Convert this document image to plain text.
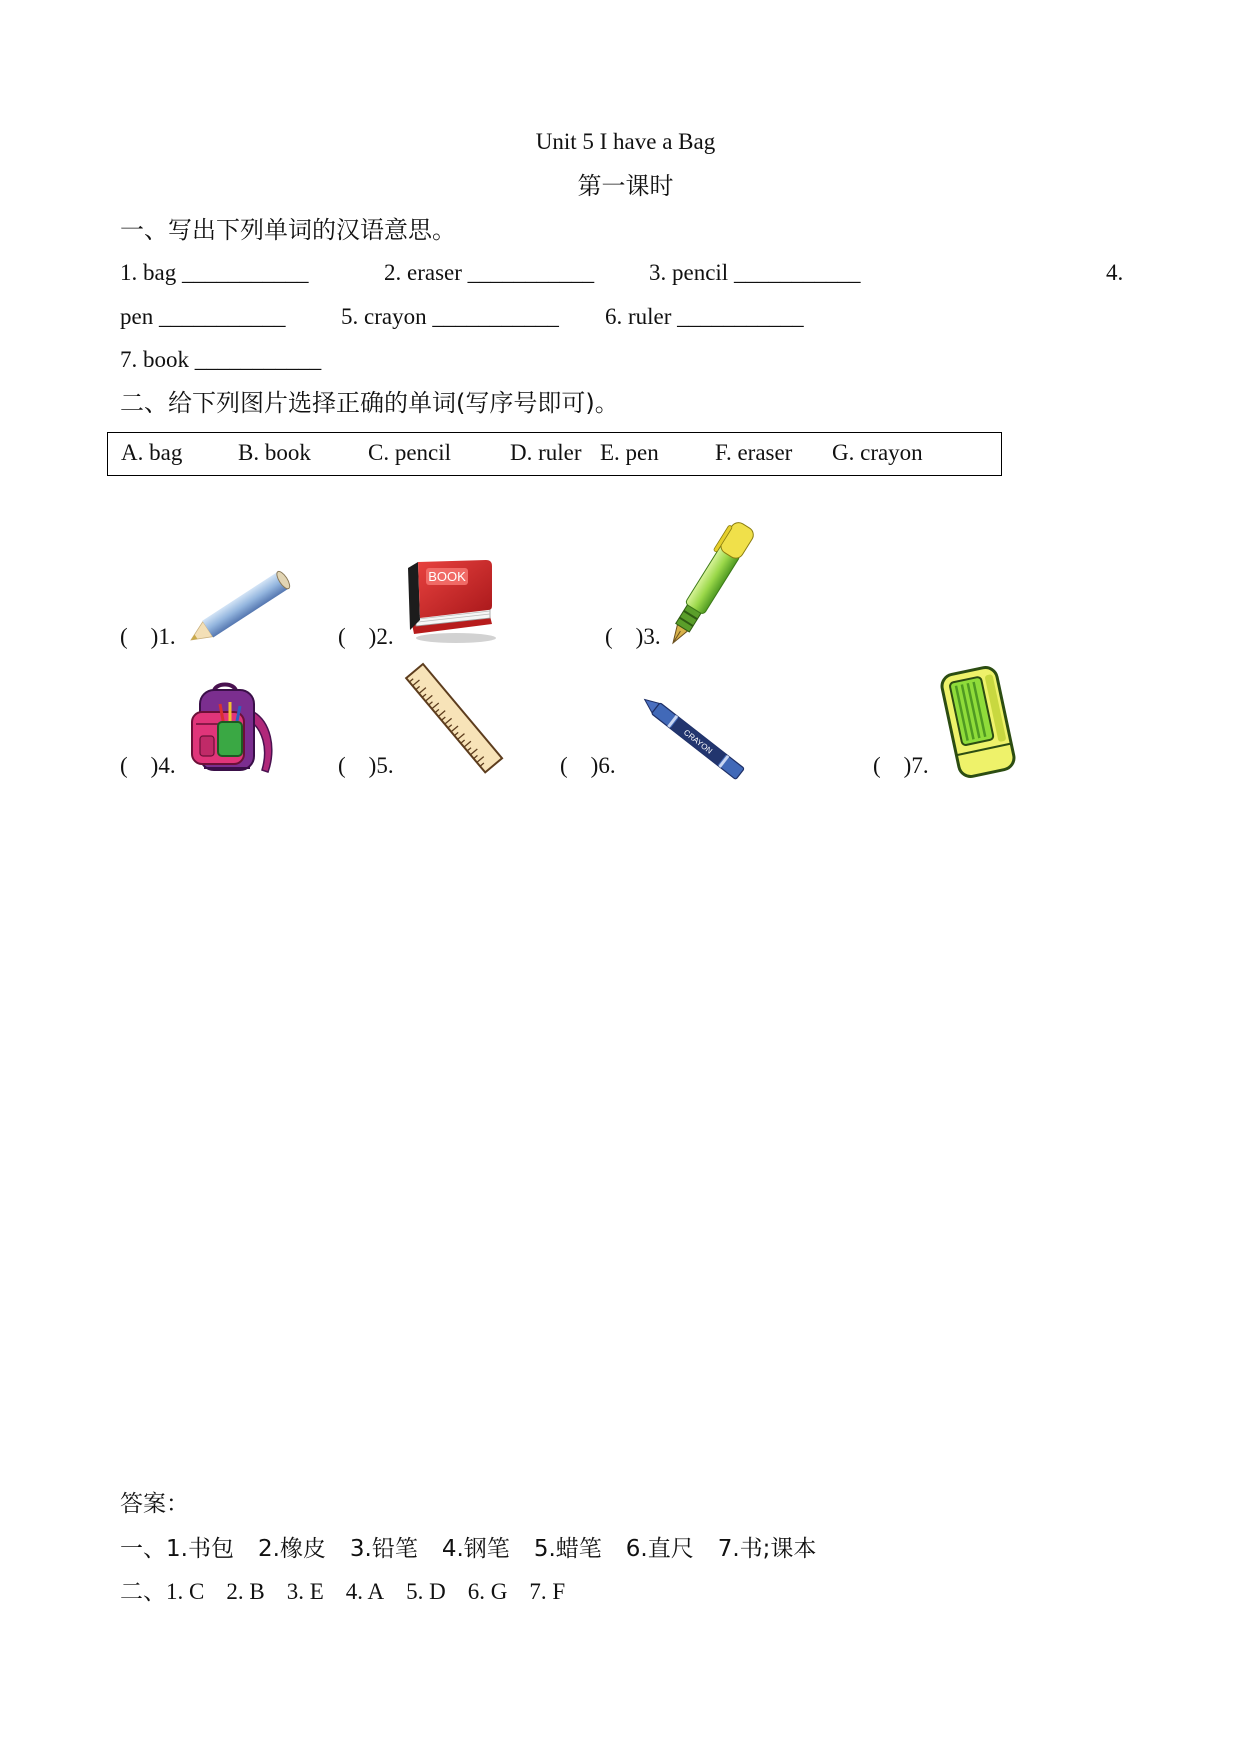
Unit 5 I have a Bag
第一课时
一、写出下列单词的汉语意思。
1. bag ___________	2. eraser ___________ 3. pencil ___________	4.
pen ___________ 5. crayon ___________ 6. ruler ___________
7. book ___________
二、给下列图片选择正确的单词(写序号即可)。
A. bag B. book C. pencil	D. ruler E. pen F. eraser G. crayon
(    )1.	(    )2.	(    )3.
(    )4.	(    )5.	(    )6.	(    )7.
BOOK
CRAYON
答案：
一、 1.书包 2.橡皮 3.铅笔 4.钢笔 5.蜡笔 6.直尺 7.书;课本
二、 1. C 2. B 3. E 4. A 5. D 6. G 7. F
